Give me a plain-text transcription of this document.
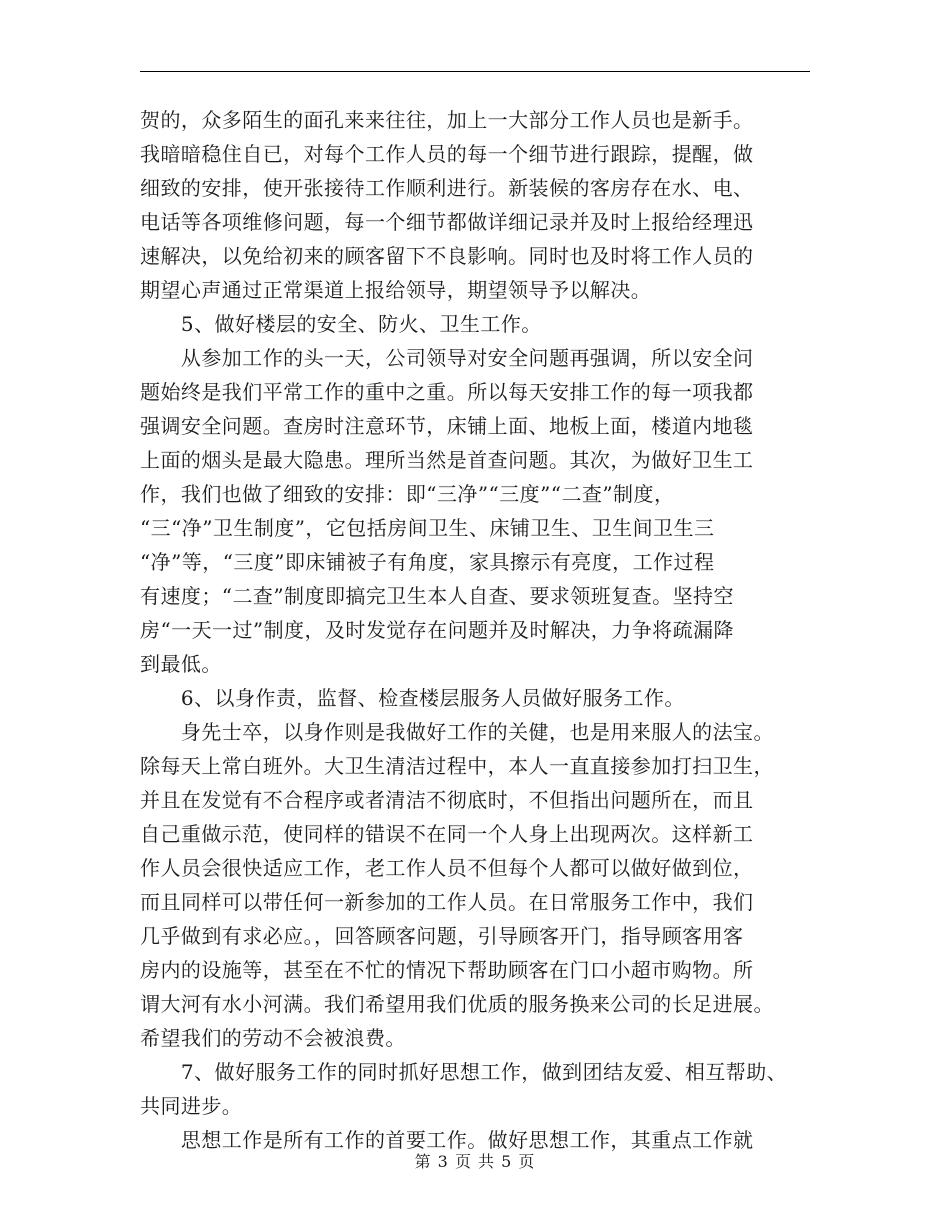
贺的，众多陌生的面孔来来往往，加上一大部分工作人员也是新手。
我暗暗稳住自已，对每个工作人员的每一个细节进行跟踪，提醒，做
细致的安排，使开张接待工作顺利进行。新装候的客房存在水、电、
电话等各项维修问题，每一个细节都做详细记录并及时上报给经理迅
速解决，以免给初来的顾客留下不良影响。同时也及时将工作人员的
期望心声通过正常渠道上报给领导，期望领导予以解决。
　　5、做好楼层的安全、防火、卫生工作。
　　从参加工作的头一天，公司领导对安全问题再强调，所以安全问
题始终是我们平常工作的重中之重。所以每天安排工作的每一项我都
强调安全问题。查房时注意环节，床铺上面、地板上面，楼道内地毯
上面的烟头是最大隐患。理所当然是首查问题。其次，为做好卫生工
作，我们也做了细致的安排：即“三净”“三度”“二查”制度，
“三“净”卫生制度”，它包括房间卫生、床铺卫生、卫生间卫生三
“净”等，“三度”即床铺被子有角度，家具擦示有亮度，工作过程
有速度；“二查”制度即搞完卫生本人自查、要求领班复查。坚持空
房“一天一过”制度，及时发觉存在问题并及时解决，力争将疏漏降
到最低。
　　6、以身作责，监督、检查楼层服务人员做好服务工作。
　　身先士卒，以身作则是我做好工作的关健，也是用来服人的法宝。
除每天上常白班外。大卫生清洁过程中，本人一直直接参加打扫卫生，
并且在发觉有不合程序或者清洁不彻底时，不但指出问题所在，而且
自己重做示范，使同样的错误不在同一个人身上出现两次。这样新工
作人员会很快适应工作，老工作人员不但每个人都可以做好做到位，
而且同样可以带任何一新参加的工作人员。在日常服务工作中，我们
几乎做到有求必应。，回答顾客问题，引导顾客开门，指导顾客用客
房内的设施等，甚至在不忙的情况下帮助顾客在门口小超市购物。所
谓大河有水小河满。我们希望用我们优质的服务换来公司的长足进展。
希望我们的劳动不会被浪费。
　　7、做好服务工作的同时抓好思想工作，做到团结友爱、相互帮助、
共同进步。
　　思想工作是所有工作的首要工作。做好思想工作，其重点工作就
第 3 页 共 5 页
